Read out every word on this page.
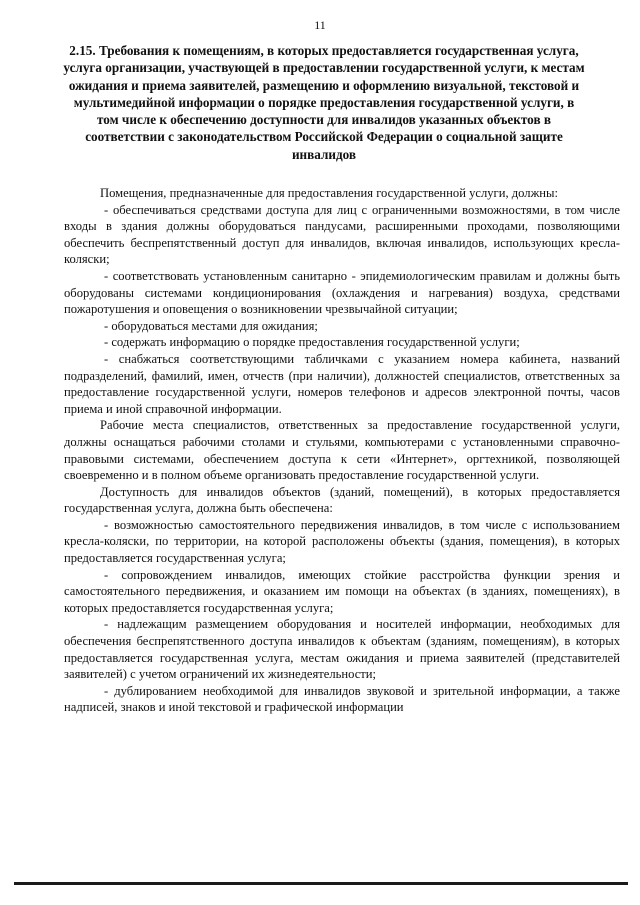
11
2.15. Требования к помещениям, в которых предоставляется государственная услуга, услуга организации, участвующей в предоставлении государственной услуги, к местам ожидания и приема заявителей, размещению и оформлению визуальной, текстовой и мультимедийной информации о порядке предоставления государственной услуги, в том числе к обеспечению доступности для инвалидов указанных объектов в соответствии с законодательством Российской Федерации о социальной защите инвалидов

Помещения, предназначенные для предоставления государственной услуги, должны:

- обеспечиваться средствами доступа для лиц с ограниченными возможностями, в том числе входы в здания должны оборудоваться пандусами, расширенными проходами, позволяющими обеспечить беспрепятственный доступ для инвалидов, включая инвалидов, использующих кресла-коляски;

- соответствовать установленным санитарно - эпидемиологическим правилам и должны быть оборудованы системами кондиционирования (охлаждения и нагревания) воздуха, средствами пожаротушения и оповещения о возникновении чрезвычайной ситуации;

- оборудоваться местами для ожидания;

- содержать информацию о порядке предоставления государственной услуги;

- снабжаться соответствующими табличками с указанием номера кабинета, названий подразделений, фамилий, имен, отчеств (при наличии), должностей специалистов, ответственных за предоставление государственной услуги, номеров телефонов и адресов электронной почты, часов приема и иной справочной информации.

Рабочие места специалистов, ответственных за предоставление государственной услуги, должны оснащаться рабочими столами и стульями, компьютерами с установленными справочно-правовыми системами, обеспечением доступа к сети «Интернет», оргтехникой, позволяющей своевременно и в полном объеме организовать предоставление государственной услуги.

Доступность для инвалидов объектов (зданий, помещений), в которых предоставляется государственная услуга, должна быть обеспечена:

- возможностью самостоятельного передвижения инвалидов, в том числе с использованием кресла-коляски, по территории, на которой расположены объекты (здания, помещения), в которых предоставляется государственная услуга;

- сопровождением инвалидов, имеющих стойкие расстройства функции зрения и самостоятельного передвижения, и оказанием им помощи на объектах (в зданиях, помещениях), в которых предоставляется государственная услуга;

- надлежащим размещением оборудования и носителей информации, необходимых для обеспечения беспрепятственного доступа инвалидов к объектам (зданиям, помещениям), в которых предоставляется государственная услуга, местам ожидания и приема заявителей (представителей заявителей) с учетом ограничений их жизнедеятельности;

- дублированием необходимой для инвалидов звуковой и зрительной информации, а также надписей, знаков и иной текстовой и графической информации
